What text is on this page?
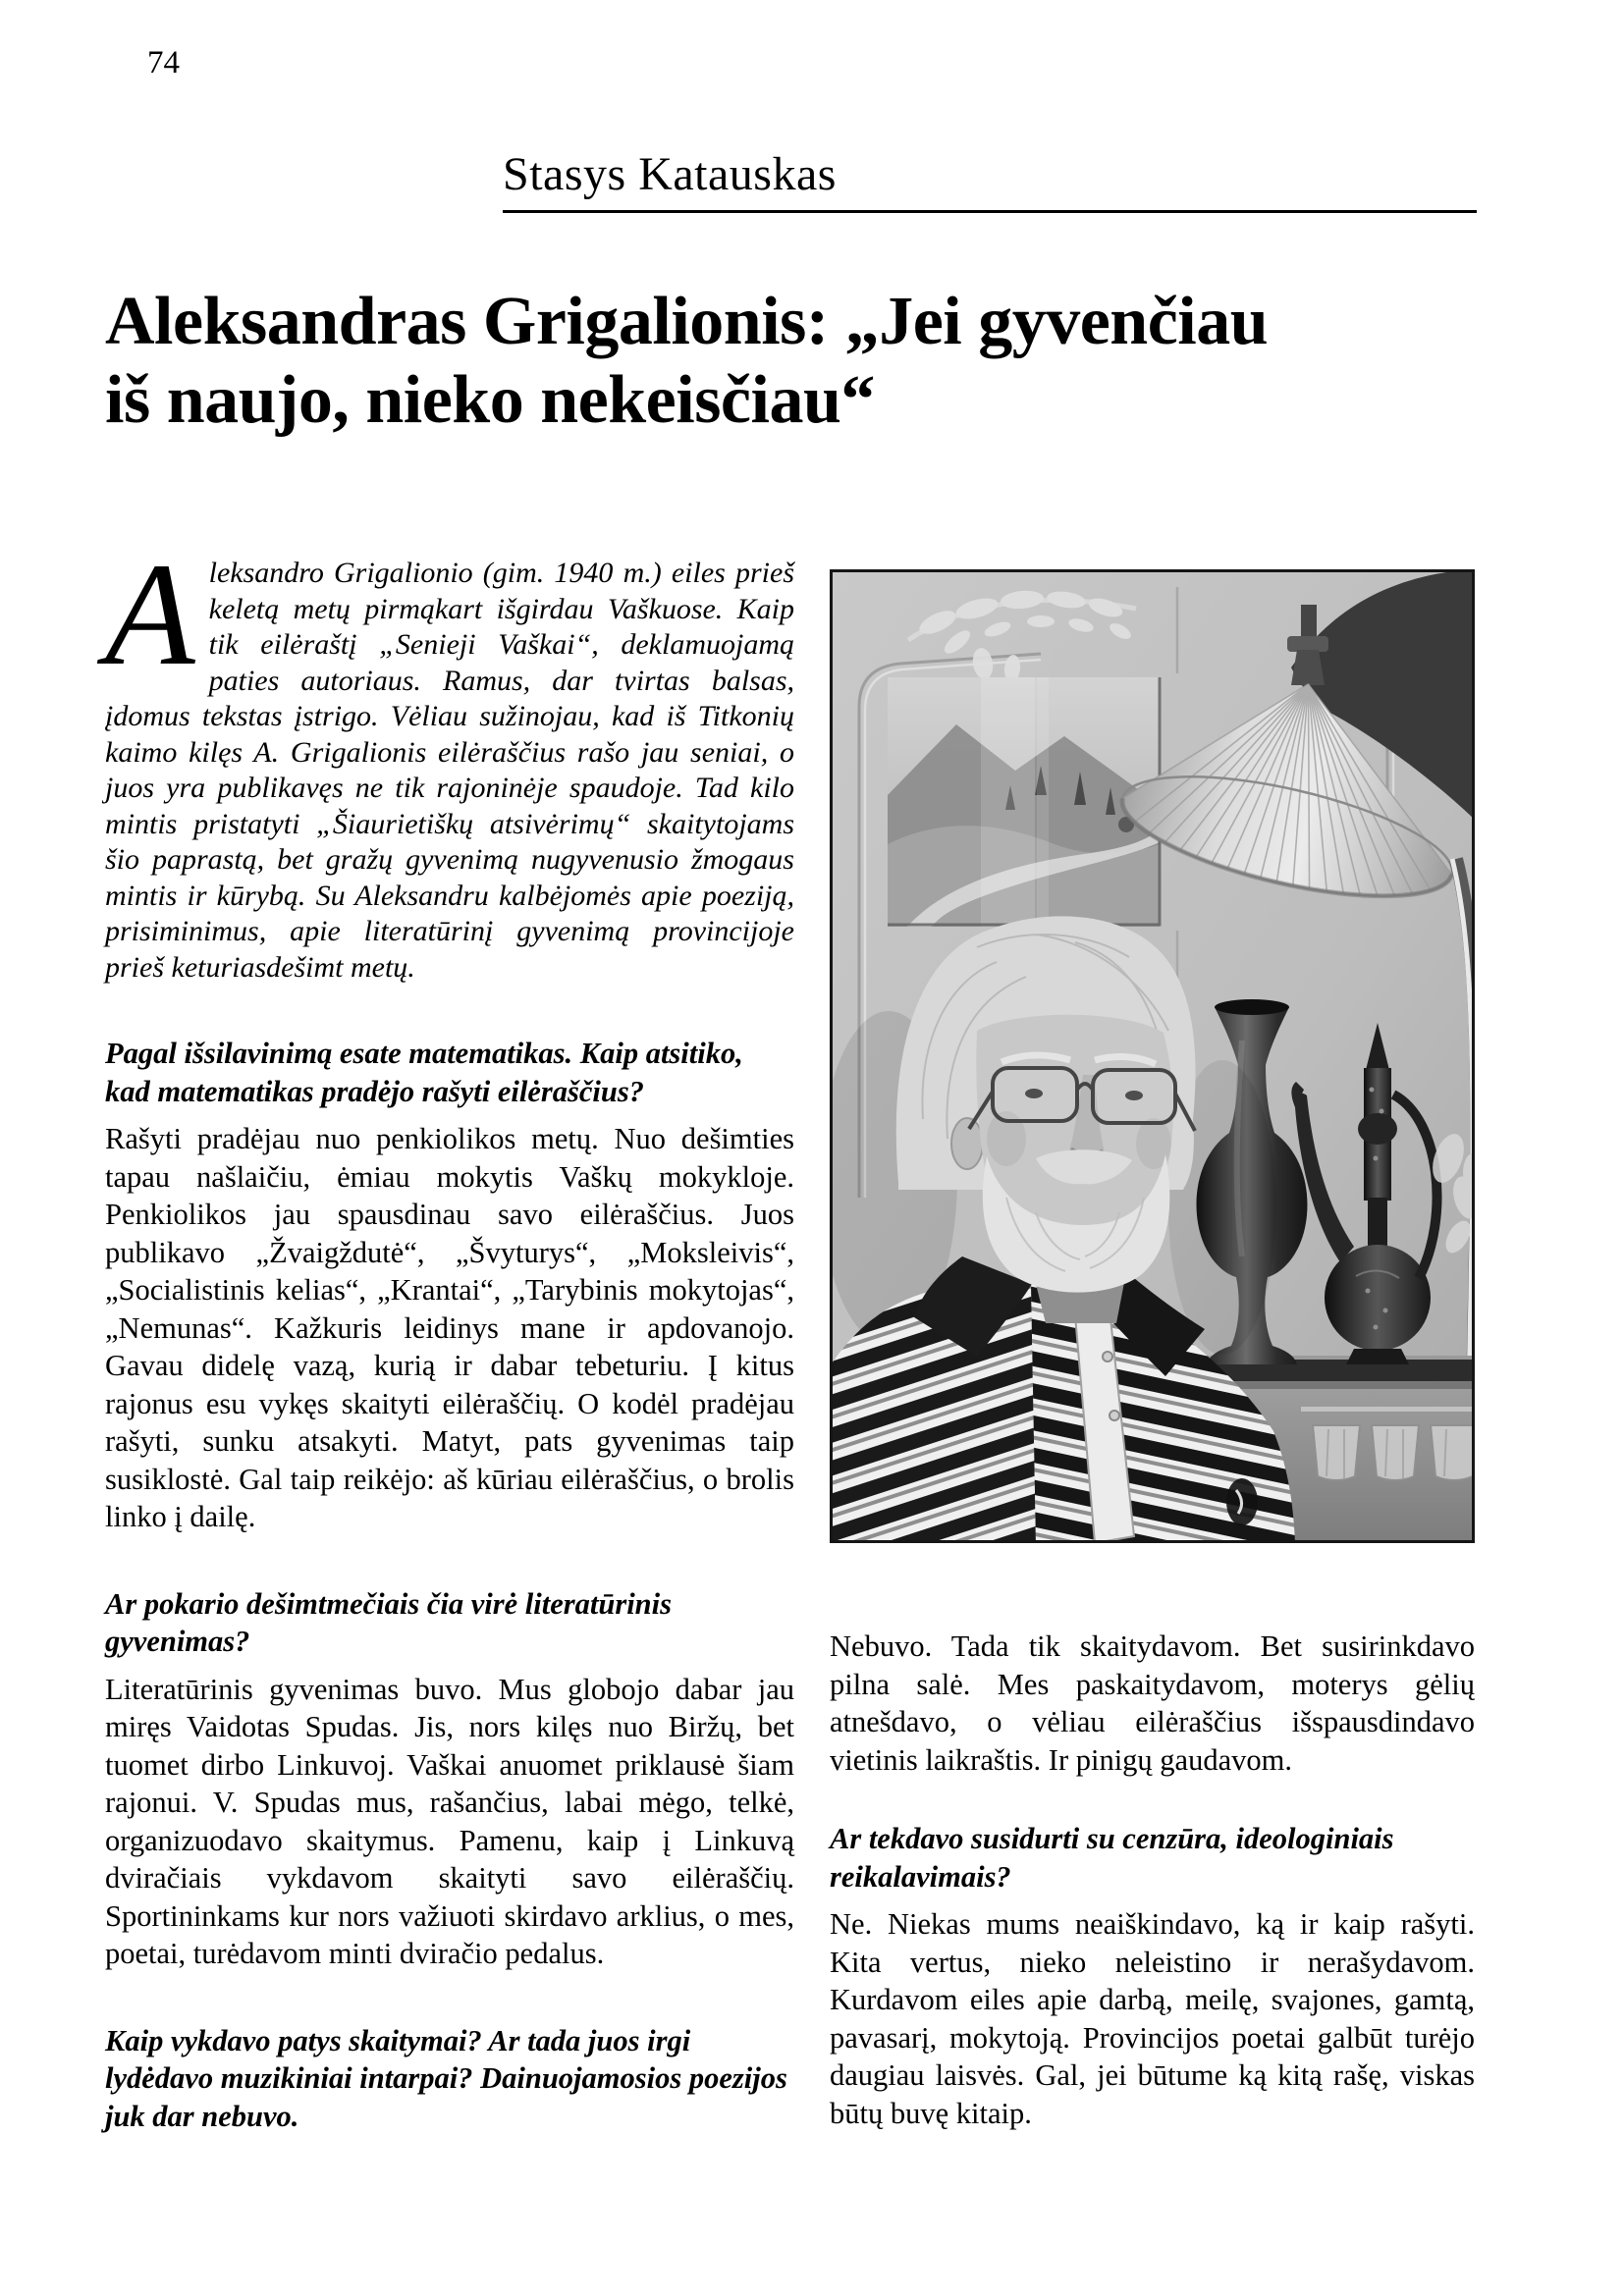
74
Stasys Katauskas
Aleksandras Grigalionis: „Jei gyvenčiau
iš naujo, nieko nekeisčiau“

Aleksandro Grigalionio (gim. 1940 m.) eiles prieš keletą metų pirmąkart išgirdau Vaškuose. Kaip tik eilėraštį „Senieji Vaškai“, deklamuojamą paties autoriaus. Ramus, dar tvirtas balsas, įdomus tekstas įstrigo. Vėliau sužinojau, kad iš Titkonių kaimo kilęs A. Grigalionis eilėraščius rašo jau seniai, o juos yra publikavęs ne tik rajoninėje spaudoje. Tad kilo mintis pristatyti „Šiaurietiškų atsivėrimų“ skaitytojams šio paprastą, bet gražų gyvenimą nugyvenusio žmogaus mintis ir kūrybą. Su Aleksandru kalbėjomės apie poeziją, prisiminimus, apie literatūrinį gyvenimą provincijoje prieš keturiasdešimt metų.

Pagal išsilavinimą esate matematikas. Kaip atsitiko, kad matematikas pradėjo rašyti eilėraščius?

Rašyti pradėjau nuo penkiolikos metų. Nuo dešimties tapau našlaičiu, ėmiau mokytis Vaškų mokykloje. Penkiolikos jau spausdinau savo eilėraščius. Juos publikavo „Žvaigždutė“, „Švyturys“, „Moksleivis“, „Socialistinis kelias“, „Krantai“, „Tarybinis mokytojas“, „Nemunas“. Kažkuris leidinys mane ir apdovanojo. Gavau didelę vazą, kurią ir dabar tebeturiu. Į kitus rajonus esu vykęs skaityti eilėraščių. O kodėl pradėjau rašyti, sunku atsakyti. Matyt, pats gyvenimas taip susiklostė. Gal taip reikėjo: aš kūriau eilėraščius, o brolis linko į dailę.

Ar pokario dešimtmečiais čia virė literatūrinis gyvenimas?

Literatūrinis gyvenimas buvo. Mus globojo dabar jau miręs Vaidotas Spudas. Jis, nors kilęs nuo Biržų, bet tuomet dirbo Linkuvoj. Vaškai anuomet priklausė šiam rajonui. V. Spudas mus, rašančius, labai mėgo, telkė, organizuodavo skaitymus. Pamenu, kaip į Linkuvą dviračiais vykdavom skaityti savo eilėraščių. Sportininkams kur nors važiuoti skirdavo arklius, o mes, poetai, turėdavom minti dviračio pedalus.

Kaip vykdavo patys skaitymai? Ar tada juos irgi lydėdavo muzikiniai intarpai? Dainuojamosios poezijos juk dar nebuvo.

Nebuvo. Tada tik skaitydavom. Bet susirinkdavo pilna salė. Mes paskaitydavom, moterys gėlių atnešdavo, o vėliau eilėraščius išspausdindavo vietinis laikraštis. Ir pinigų gaudavom.

Ar tekdavo susidurti su cenzūra, ideologiniais reikalavimais?

Ne. Niekas mums neaiškindavo, ką ir kaip rašyti. Kita vertus, nieko neleistino ir nerašydavom. Kurdavom eiles apie darbą, meilę, svajones, gamtą, pavasarį, mokytoją. Provincijos poetai galbūt turėjo daugiau laisvės. Gal, jei būtume ką kitą rašę, viskas būtų buvę kitaip.
